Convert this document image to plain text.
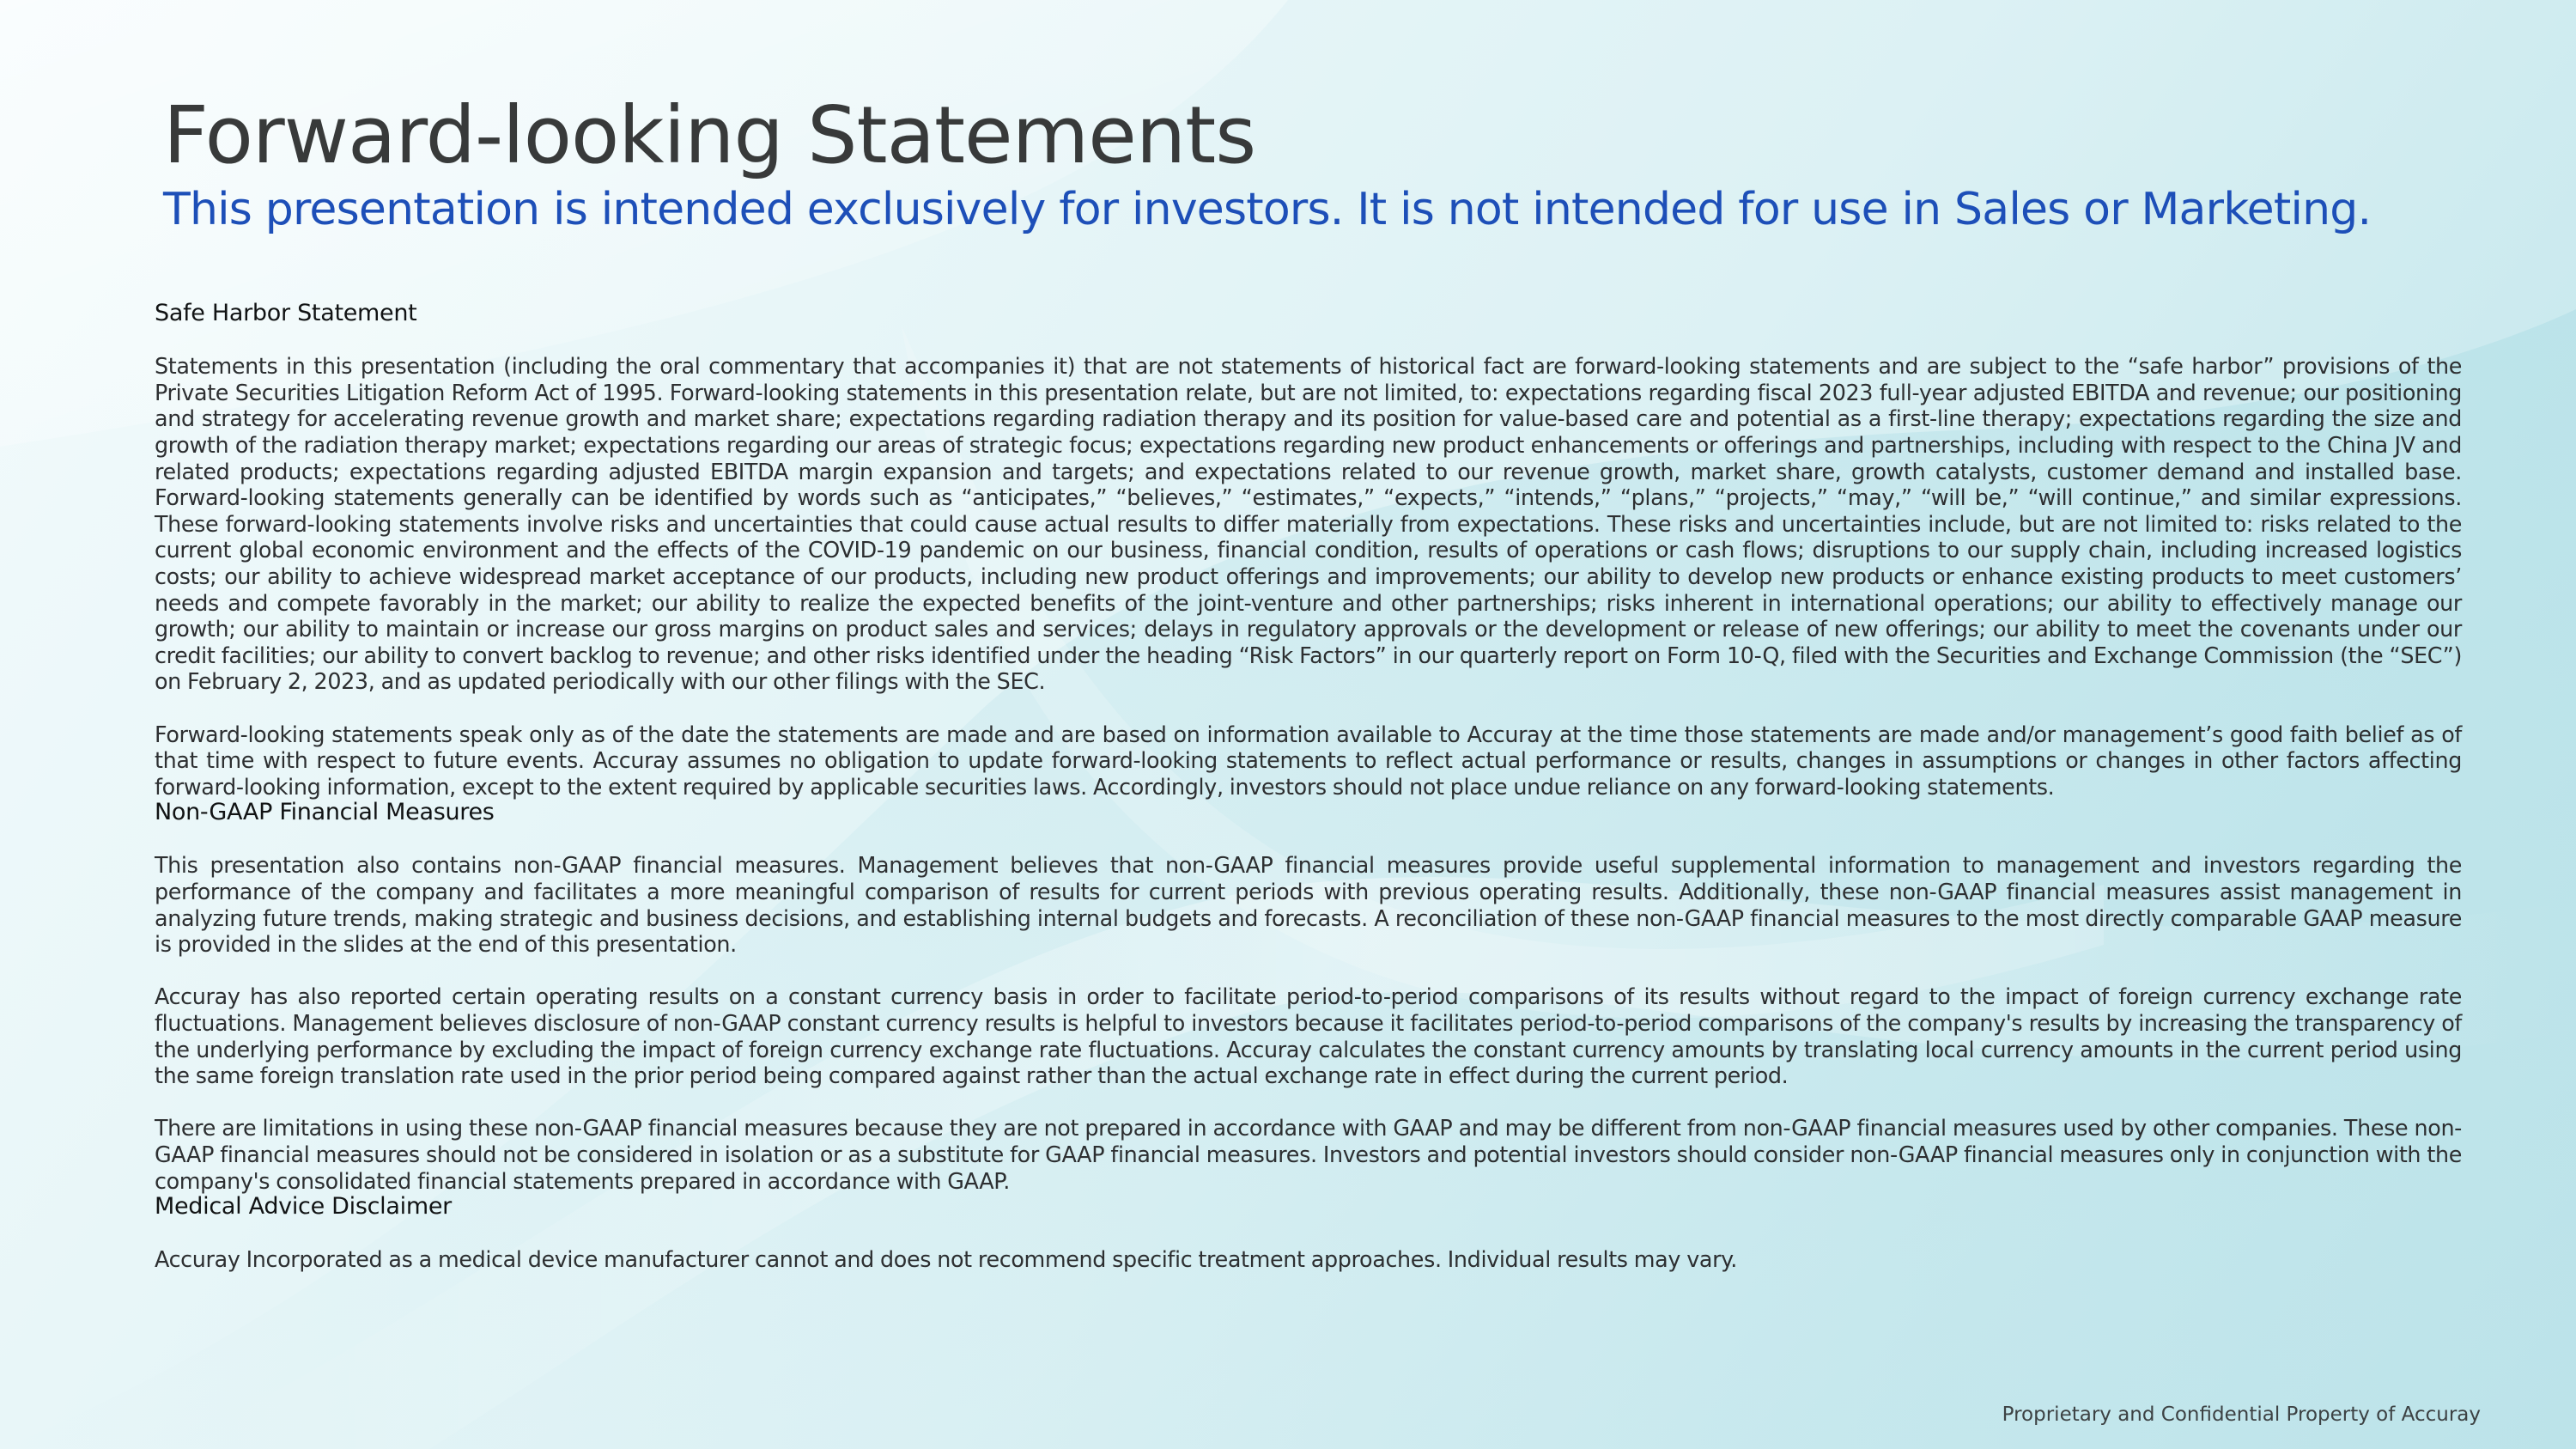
Forward-looking Statements
This presentation is intended exclusively for investors. It is not intended for use in Sales or Marketing.
Safe Harbor Statement

Statements in this presentation (including the oral commentary that accompanies it) that are not statements of historical fact are forward-looking statements and are subject to the “safe harbor” provisions of the Private Securities Litigation Reform Act of 1995. Forward-looking statements in this presentation relate, but are not limited, to: expectations regarding fiscal 2023 full-year adjusted EBITDA and revenue; our positioning and strategy for accelerating revenue growth and market share; expectations regarding radiation therapy and its position for value-based care and potential as a first-line therapy; expectations regarding the size and growth of the radiation therapy market; expectations regarding our areas of strategic focus; expectations regarding new product enhancements or offerings and partnerships, including with respect to the China JV and related products; expectations regarding adjusted EBITDA margin expansion and targets; and expectations related to our revenue growth, market share, growth catalysts, customer demand and installed base. Forward-looking statements generally can be identified by words such as “anticipates,” “believes,” “estimates,” “expects,” “intends,” “plans,” “projects,” “may,” “will be,” “will continue,” and similar expressions. These forward-looking statements involve risks and uncertainties that could cause actual results to differ materially from expectations. These risks and uncertainties include, but are not limited to: risks related to the current global economic environment and the effects of the COVID-19 pandemic on our business, financial condition, results of operations or cash flows; disruptions to our supply chain, including increased logistics costs; our ability to achieve widespread market acceptance of our products, including new product offerings and improvements; our ability to develop new products or enhance existing products to meet customers’ needs and compete favorably in the market; our ability to realize the expected benefits of the joint-venture and other partnerships; risks inherent in international operations; our ability to effectively manage our growth; our ability to maintain or increase our gross margins on product sales and services; delays in regulatory approvals or the development or release of new offerings; our ability to meet the covenants under our credit facilities; our ability to convert backlog to revenue; and other risks identified under the heading “Risk Factors” in our quarterly report on Form 10-Q, filed with the Securities and Exchange Commission (the “SEC”) on February 2, 2023, and as updated periodically with our other filings with the SEC.

Forward-looking statements speak only as of the date the statements are made and are based on information available to Accuray at the time those statements are made and/or management’s good faith belief as of that time with respect to future events. Accuray assumes no obligation to update forward-looking statements to reflect actual performance or results, changes in assumptions or changes in other factors affecting forward-looking information, except to the extent required by applicable securities laws. Accordingly, investors should not place undue reliance on any forward-looking statements.

Non-GAAP Financial Measures

This presentation also contains non-GAAP financial measures. Management believes that non-GAAP financial measures provide useful supplemental information to management and investors regarding the performance of the company and facilitates a more meaningful comparison of results for current periods with previous operating results. Additionally, these non-GAAP financial measures assist management in analyzing future trends, making strategic and business decisions, and establishing internal budgets and forecasts. A reconciliation of these non-GAAP financial measures to the most directly comparable GAAP measure is provided in the slides at the end of this presentation.

Accuray has also reported certain operating results on a constant currency basis in order to facilitate period-to-period comparisons of its results without regard to the impact of foreign currency exchange rate fluctuations. Management believes disclosure of non-GAAP constant currency results is helpful to investors because it facilitates period-to-period comparisons of the company's results by increasing the transparency of the underlying performance by excluding the impact of foreign currency exchange rate fluctuations. Accuray calculates the constant currency amounts by translating local currency amounts in the current period using the same foreign translation rate used in the prior period being compared against rather than the actual exchange rate in effect during the current period.

There are limitations in using these non-GAAP financial measures because they are not prepared in accordance with GAAP and may be different from non-GAAP financial measures used by other companies. These non-GAAP financial measures should not be considered in isolation or as a substitute for GAAP financial measures. Investors and potential investors should consider non-GAAP financial measures only in conjunction with the company's consolidated financial statements prepared in accordance with GAAP.

Medical Advice Disclaimer

Accuray Incorporated as a medical device manufacturer cannot and does not recommend specific treatment approaches. Individual results may vary.

Proprietary and Confidential Property of Accuray
